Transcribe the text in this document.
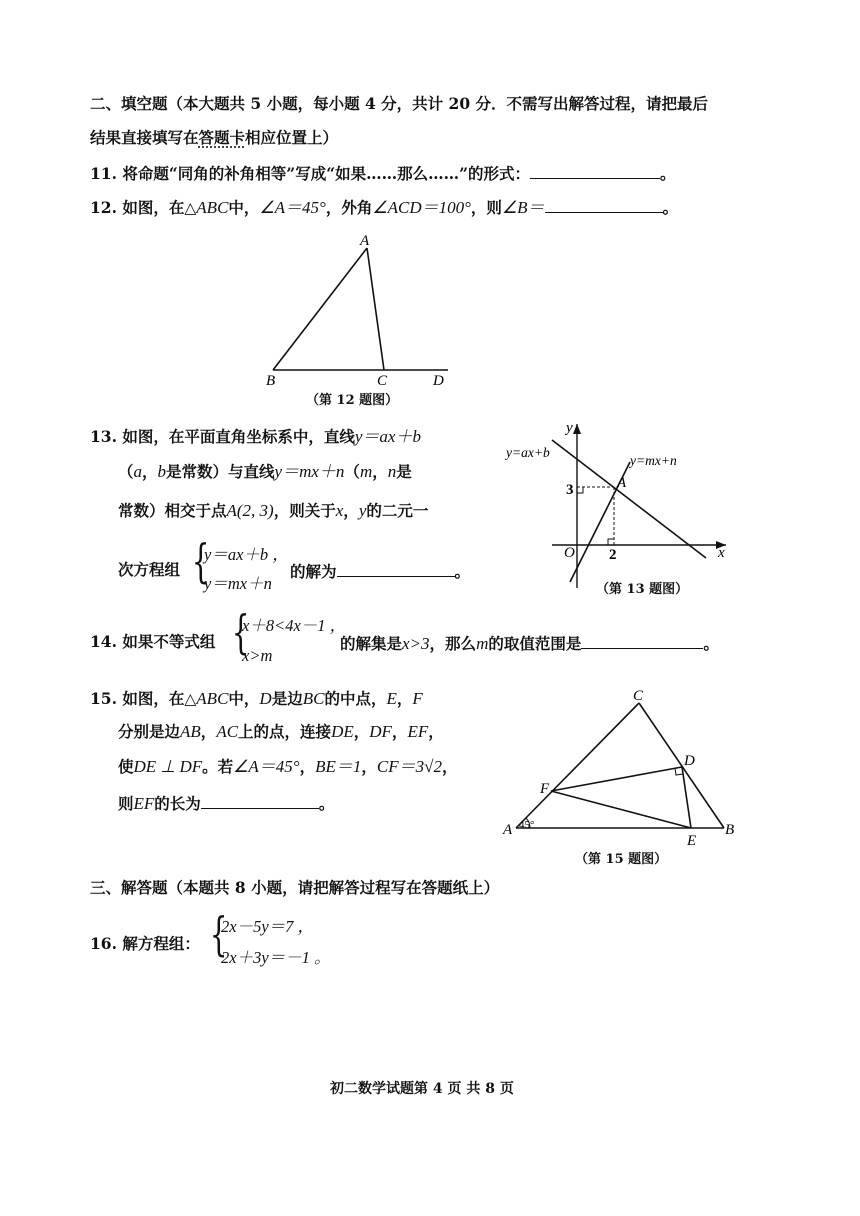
二、填空题（本大题共 5 小题，每小题 4 分，共计 20 分．不需写出解答过程，请把最后
结果直接填写在答题卡相应位置上）
11. 将命题“同角的补角相等”写成“如果……那么……”的形式：	。
12. 如图，在△ABC中，∠A＝45°，外角∠ACD＝100°，则∠B＝	。
A
B	C	D
（第 12 题图）
13. 如图，在平面直角坐标系中，直线y＝ax＋b
（a，b是常数）与直线y＝mx＋n（m，n是
常数）相交于点A(2, 3)，则关于x，y的二元一
次方程组 {
y＝ax＋b ，
y＝mx＋n
的解为	。
y=ax+b
y=mx+n
y
x
O 2
3	A
（第 13 题图）
14. 如果不等式组 {
x＋8<4x－1 ，
x>m
的解集是x>3，那么m的取值范围是	。
15. 如图，在△ABC中，D是边BC的中点，E，F
分别是边AB，AC上的点，连接DE，DF，EF，
使DE ⊥ DF。若∠A＝45°，BE＝1，CF＝3√2，
则EF的长为	。
C
D
F
A 45°
E
B
（第 15 题图）
三、解答题（本题共 8 小题，请把解答过程写在答题纸上）
16. 解方程组： {
2x－5y＝7 ，
2x＋3y＝－1 。
初二数学试题第 4 页 共 8 页
